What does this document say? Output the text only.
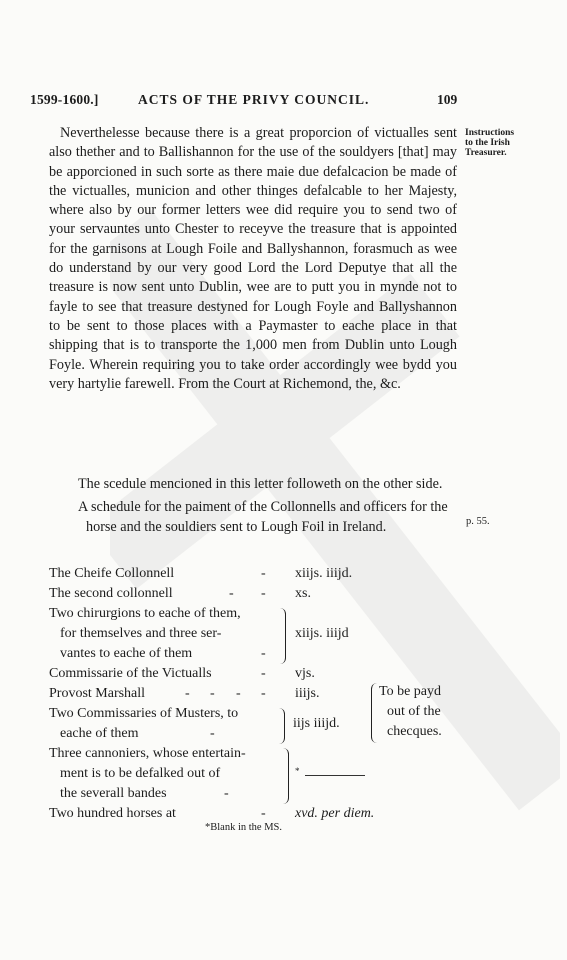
1599-1600.]	ACTS OF THE PRIVY COUNCIL.	109
Instructions
to the Irish
Treasurer.

Neverthelesse because there is a great proporcion of victualles sent also thether and to Ballishannon for the use of the souldyers [that] may be apporcioned in such sorte as there maie due defalcacion be made of the victualles, municion and other thinges defalcable to her Majesty, where also by our former letters wee did require you to send two of your servauntes unto Chester to receyve the treasure that is appointed for the garnisons at Lough Foile and Ballyshannon, forasmuch as wee do understand by our very good Lord the Lord Deputye that all the treasure is now sent unto Dublin, wee are to putt you in mynde not to fayle to see that treasure destyned for Lough Foyle and Ballyshannon to be sent to those places with a Paymaster to eache place in that shipping that is to transporte the 1,000 men from Dublin unto Lough Foyle. Wherein requiring you to take order accordingly wee bydd you very hartylie farewell. From the Court at Richemond, the, &c.

The scedule mencioned in this letter followeth on the other side.

A schedule for the paiment of the Collonnells and officers for the horse and the souldiers sent to Lough Foil in Ireland.	p. 55.
The Cheife Collonnell	- xiijs. iiijd.
The second collonnell	- - xs.
Two chirurgions to eache of them,
for themselves and three ser-
vantes to eache of them	-
xiijs. iiijd
Commissarie of the Victualls	- vjs.
Provost Marshall	- - - - iiijs.
Two Commissaries of Musters, to
eache of them	-
iijs iiijd.
To be payd
out of the
checques.
Three cannoniers, whose entertain-
ment is to be defalked out of
the severall bandes	-
*
Two hundred horses at	- xvd. per diem.
*Blank in the MS.
